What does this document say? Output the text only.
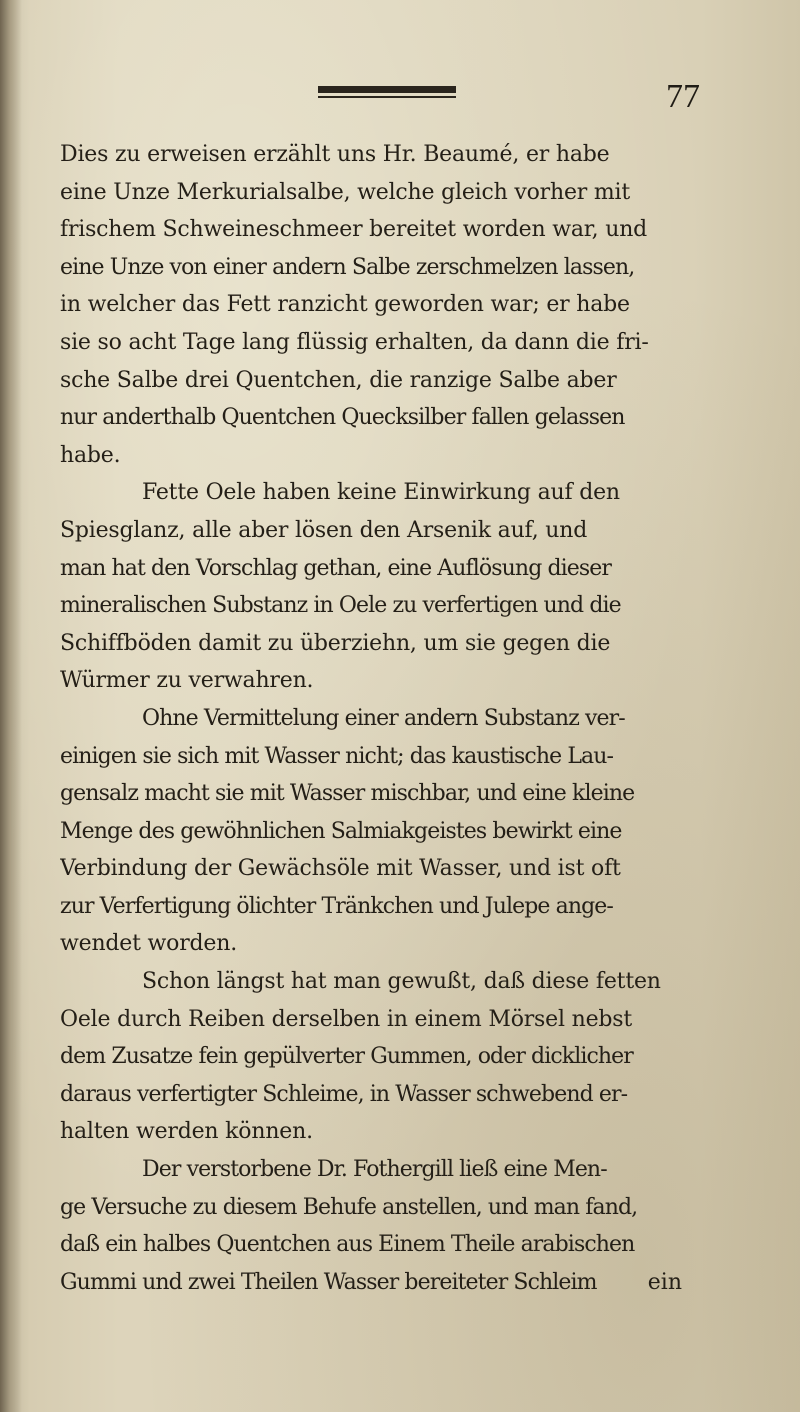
77
Dies zu erweisen erzählt uns Hr. Beaumé, er habe
eine Unze Merkurialsalbe, welche gleich vorher mit
frischem Schweineschmeer bereitet worden war, und
eine Unze von einer andern Salbe zerschmelzen lassen,
in welcher das Fett ranzicht geworden war; er habe
sie so acht Tage lang flüssig erhalten, da dann die fri-
sche Salbe drei Quentchen, die ranzige Salbe aber
nur anderthalb Quentchen Quecksilber fallen gelassen
habe.
Fette Oele haben keine Einwirkung auf den
Spiesglanz, alle aber lösen den Arsenik auf, und
man hat den Vorschlag gethan, eine Auflösung dieser
mineralischen Substanz in Oele zu verfertigen und die
Schiffböden damit zu überziehn, um sie gegen die
Würmer zu verwahren.
Ohne Vermittelung einer andern Substanz ver-
einigen sie sich mit Wasser nicht; das kaustische Lau-
gensalz macht sie mit Wasser mischbar, und eine kleine
Menge des gewöhnlichen Salmiakgeistes bewirkt eine
Verbindung der Gewächsöle mit Wasser, und ist oft
zur Verfertigung ölichter Tränkchen und Julepe ange-
wendet worden.
Schon längst hat man gewußt, daß diese fetten
Oele durch Reiben derselben in einem Mörsel nebst
dem Zusatze fein gepülverter Gummen, oder dicklicher
daraus verfertigter Schleime, in Wasser schwebend er-
halten werden können.
Der verstorbene Dr. Fothergill ließ eine Men-
ge Versuche zu diesem Behufe anstellen, und man fand,
daß ein halbes Quentchen aus Einem Theile arabischen
Gummi und zwei Theilen Wasser bereiteter Schleim	ein
